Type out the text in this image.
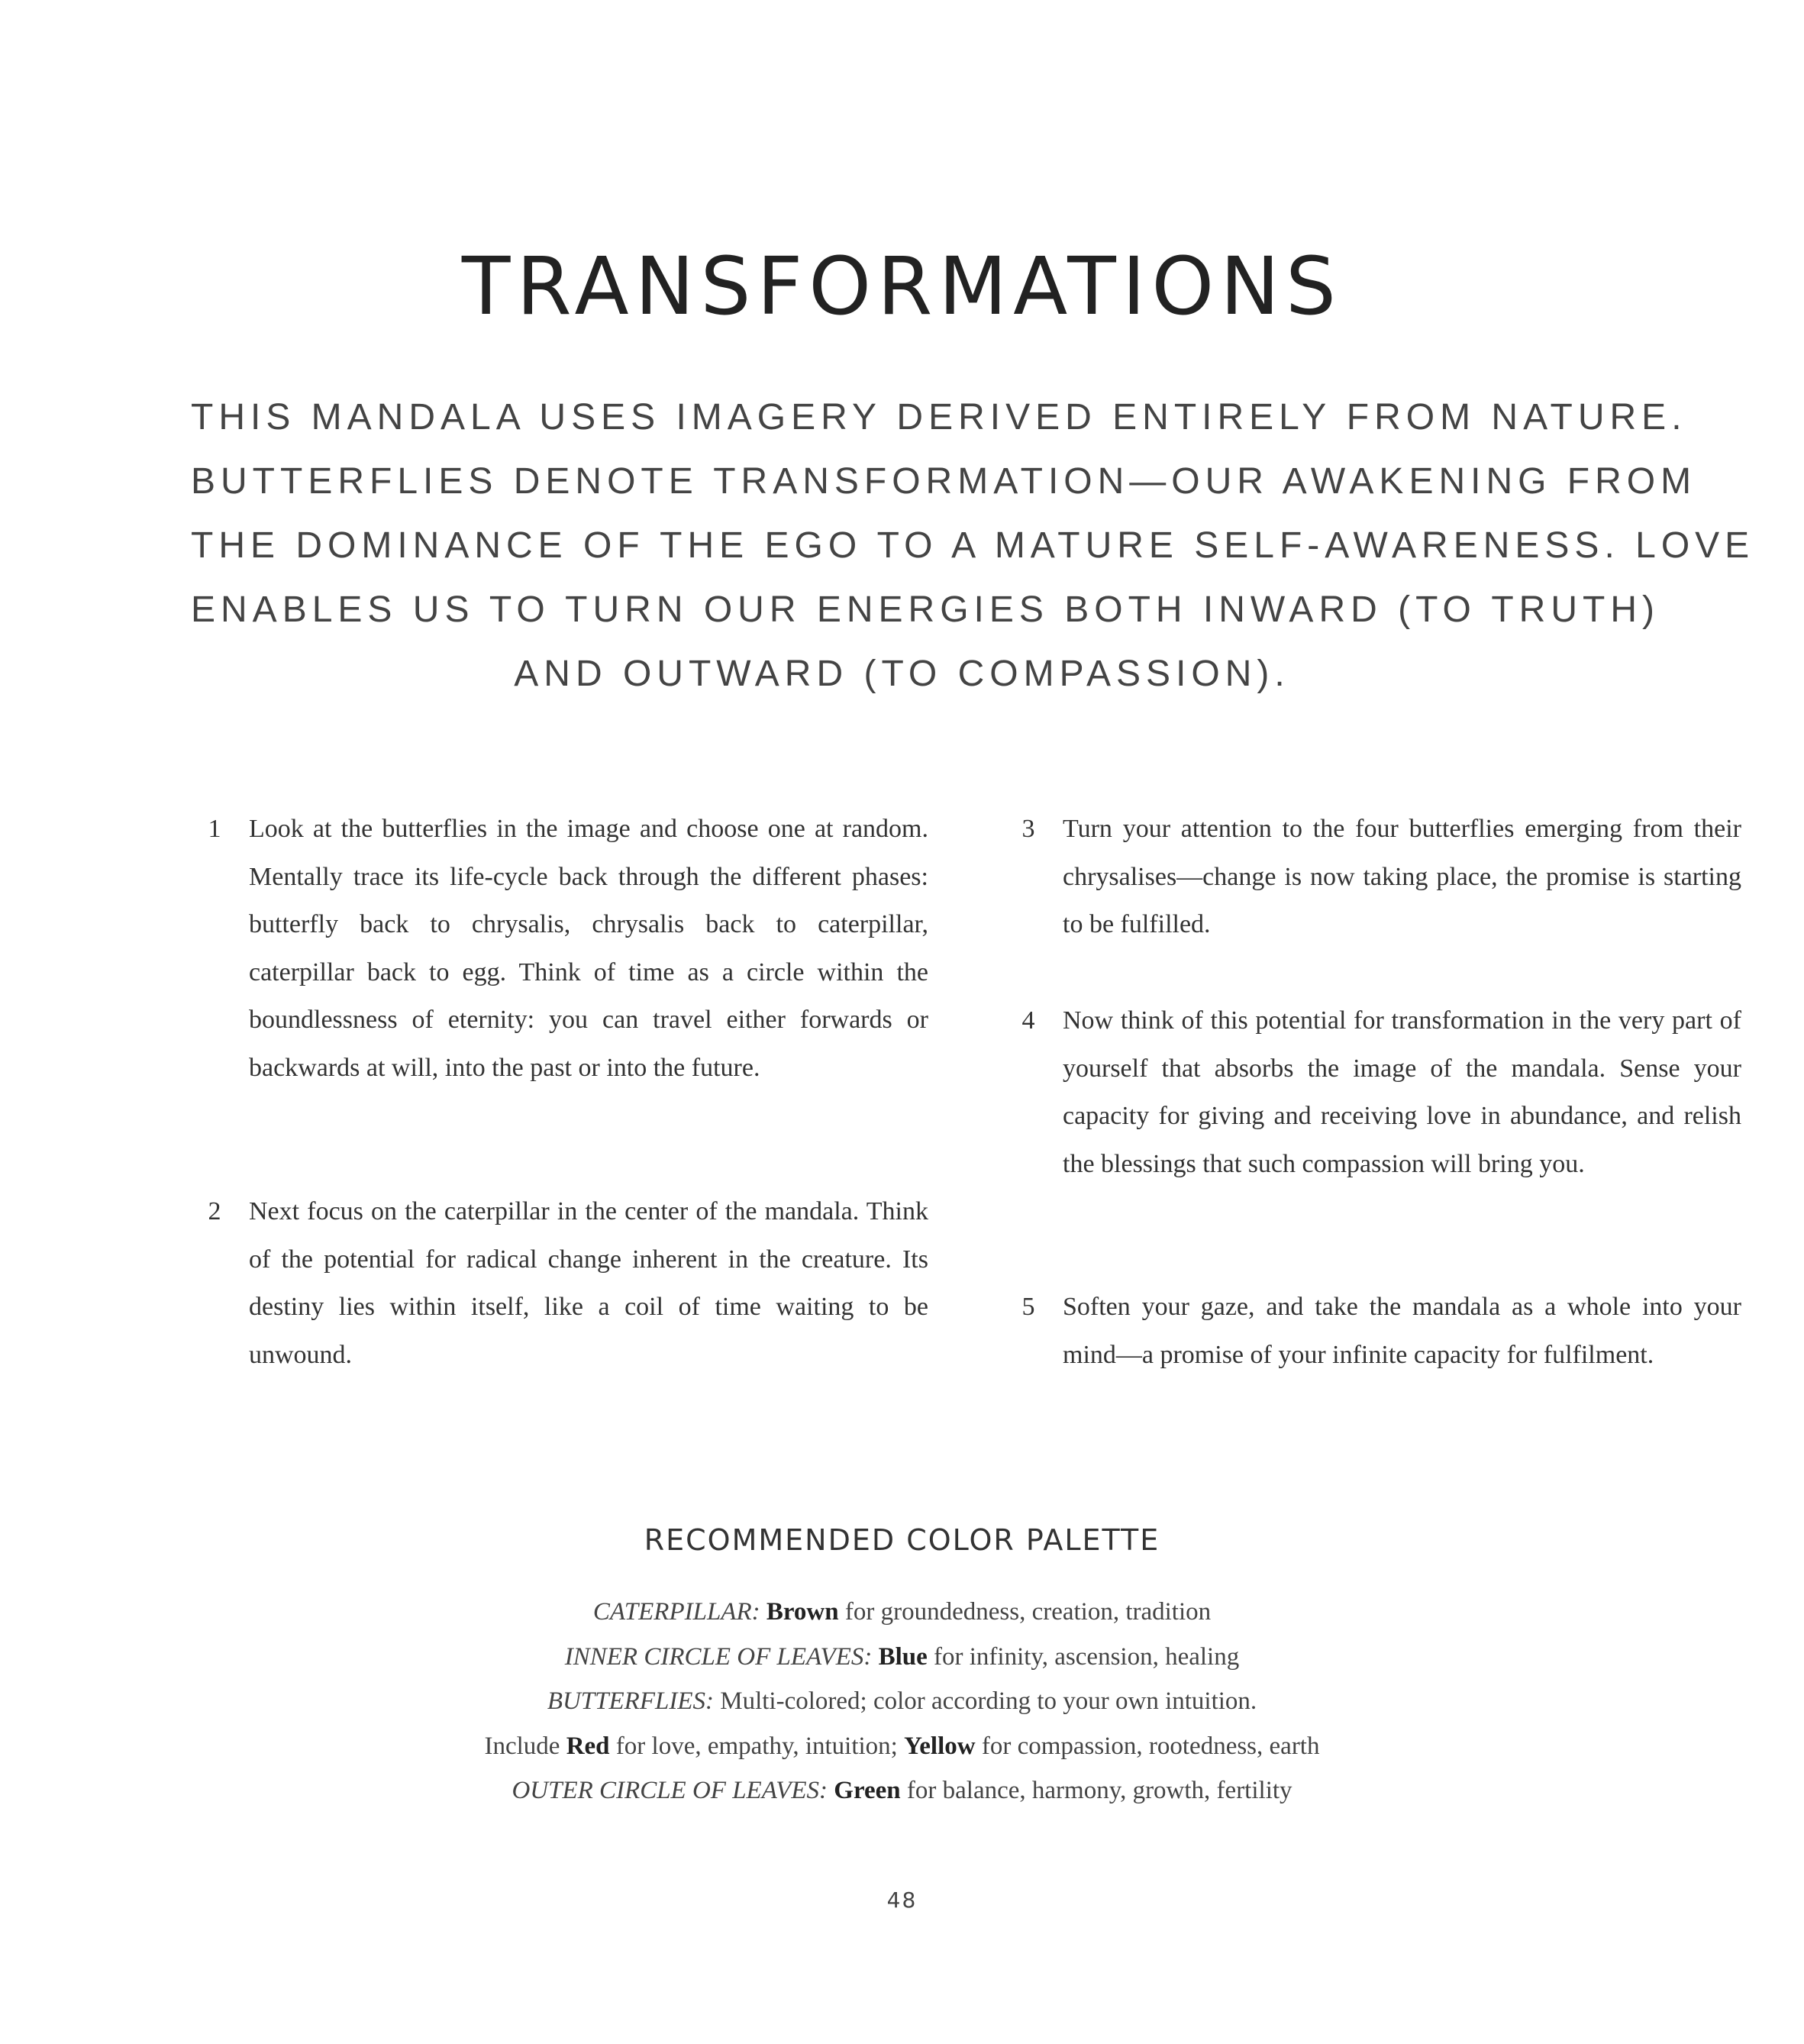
TRANSFORMATIONS
THIS MANDALA USES IMAGERY DERIVED ENTIRELY FROM NATURE.
BUTTERFLIES DENOTE TRANSFORMATION—OUR AWAKENING FROM
THE DOMINANCE OF THE EGO TO A MATURE SELF-AWARENESS. LOVE
ENABLES US TO TURN OUR ENERGIES BOTH INWARD (TO TRUTH)
AND OUTWARD (TO COMPASSION).
1 Look at the butterflies in the image and choose one at random. Mentally trace its life-cycle back through the different phases: butterfly back to chrysalis, chrysalis back to caterpillar, caterpillar back to egg. Think of time as a circle within the boundlessness of eternity: you can travel either forwards or backwards at will, into the past or into the future.
2 Next focus on the caterpillar in the center of the mandala. Think of the potential for radical change inherent in the creature. Its destiny lies within itself, like a coil of time waiting to be unwound.
3 Turn your attention to the four butterflies emerging from their chrysalises—change is now taking place, the promise is starting to be fulfilled.
4 Now think of this potential for transformation in the very part of yourself that absorbs the image of the mandala. Sense your capacity for giving and receiving love in abundance, and relish the blessings that such compassion will bring you.
5 Soften your gaze, and take the mandala as a whole into your mind—a promise of your infinite capacity for fulfilment.
RECOMMENDED COLOR PALETTE
CATERPILLAR: Brown for groundedness, creation, tradition
INNER CIRCLE OF LEAVES: Blue for infinity, ascension, healing
BUTTERFLIES: Multi-colored; color according to your own intuition.
Include Red for love, empathy, intuition; Yellow for compassion, rootedness, earth
OUTER CIRCLE OF LEAVES: Green for balance, harmony, growth, fertility
48
